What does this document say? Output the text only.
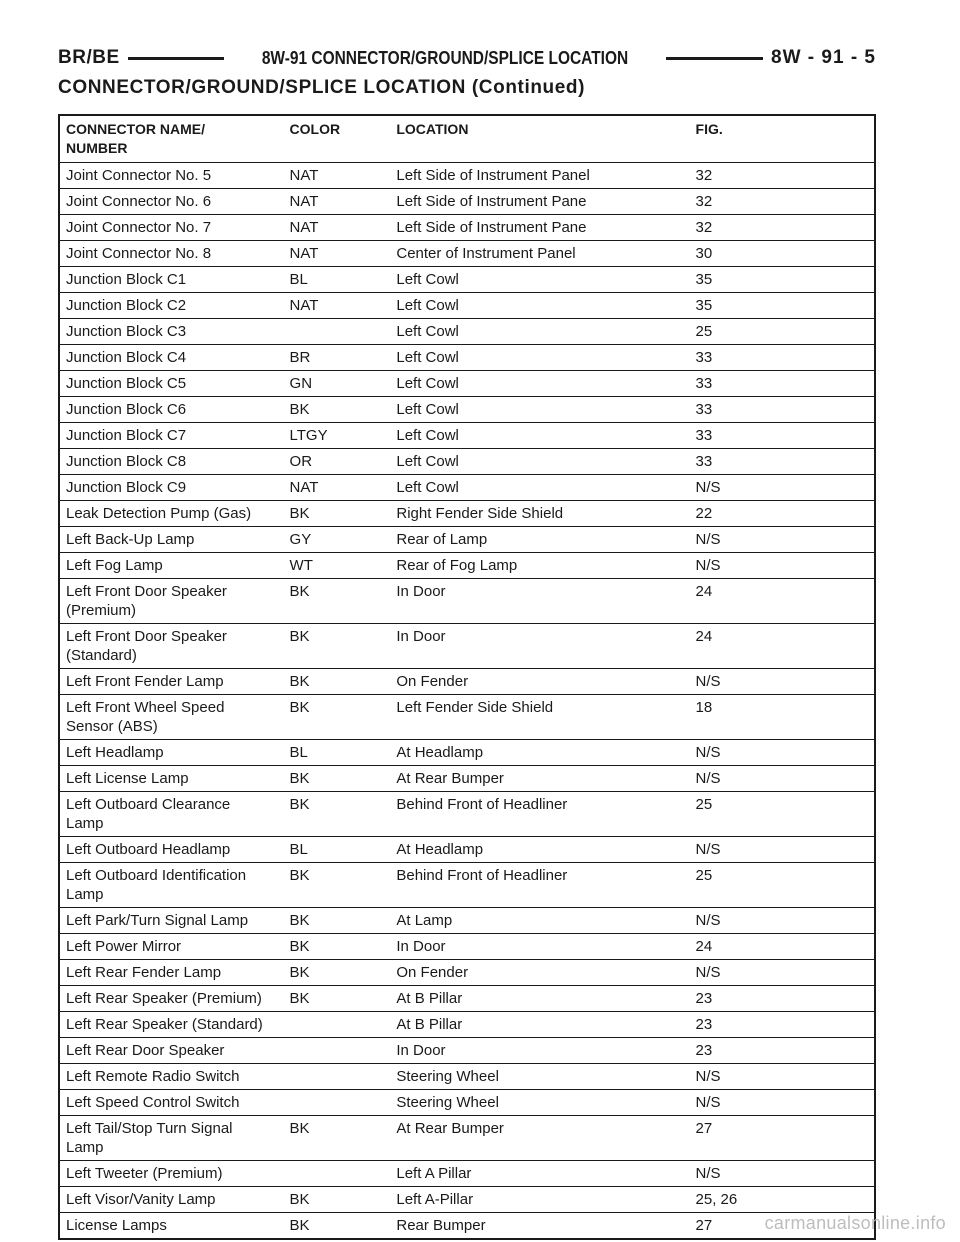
BR/BE	8W-91 CONNECTOR/GROUND/SPLICE LOCATION	8W - 91 - 5
CONNECTOR/GROUND/SPLICE LOCATION (Continued)
CONNECTOR NAME/
NUMBER	COLOR	LOCATION	FIG.
Joint Connector No. 5	NAT	Left Side of Instrument Panel	32
Joint Connector No. 6	NAT	Left Side of Instrument Pane	32
Joint Connector No. 7	NAT	Left Side of Instrument Pane	32
Joint Connector No. 8	NAT	Center of Instrument Panel	30
Junction Block C1	BL	Left Cowl	35
Junction Block C2	NAT	Left Cowl	35
Junction Block C3		Left Cowl	25
Junction Block C4	BR	Left Cowl	33
Junction Block C5	GN	Left Cowl	33
Junction Block C6	BK	Left Cowl	33
Junction Block C7	LTGY	Left Cowl	33
Junction Block C8	OR	Left Cowl	33
Junction Block C9	NAT	Left Cowl	N/S
Leak Detection Pump (Gas)	BK	Right Fender Side Shield	22
Left Back-Up Lamp	GY	Rear of Lamp	N/S
Left Fog Lamp	WT	Rear of Fog Lamp	N/S
Left Front Door Speaker
(Premium)	BK	In Door	24
Left Front Door Speaker
(Standard)	BK	In Door	24
Left Front Fender Lamp	BK	On Fender	N/S
Left Front Wheel Speed
Sensor (ABS)	BK	Left Fender Side Shield	18
Left Headlamp	BL	At Headlamp	N/S
Left License Lamp	BK	At Rear Bumper	N/S
Left Outboard Clearance
Lamp	BK	Behind Front of Headliner	25
Left Outboard Headlamp	BL	At Headlamp	N/S
Left Outboard Identification
Lamp	BK	Behind Front of Headliner	25
Left Park/Turn Signal Lamp	BK	At Lamp	N/S
Left Power Mirror	BK	In Door	24
Left Rear Fender Lamp	BK	On Fender	N/S
Left Rear Speaker (Premium)	BK	At B Pillar	23
Left Rear Speaker (Standard)		At B Pillar	23
Left Rear Door Speaker		In Door	23
Left Remote Radio Switch		Steering Wheel	N/S
Left Speed Control Switch		Steering Wheel	N/S
Left Tail/Stop Turn Signal
Lamp	BK	At Rear Bumper	27
Left Tweeter (Premium)		Left A Pillar	N/S
Left Visor/Vanity Lamp	BK	Left A-Pillar	25, 26
License Lamps	BK	Rear Bumper	27	carmanualsonline.info
